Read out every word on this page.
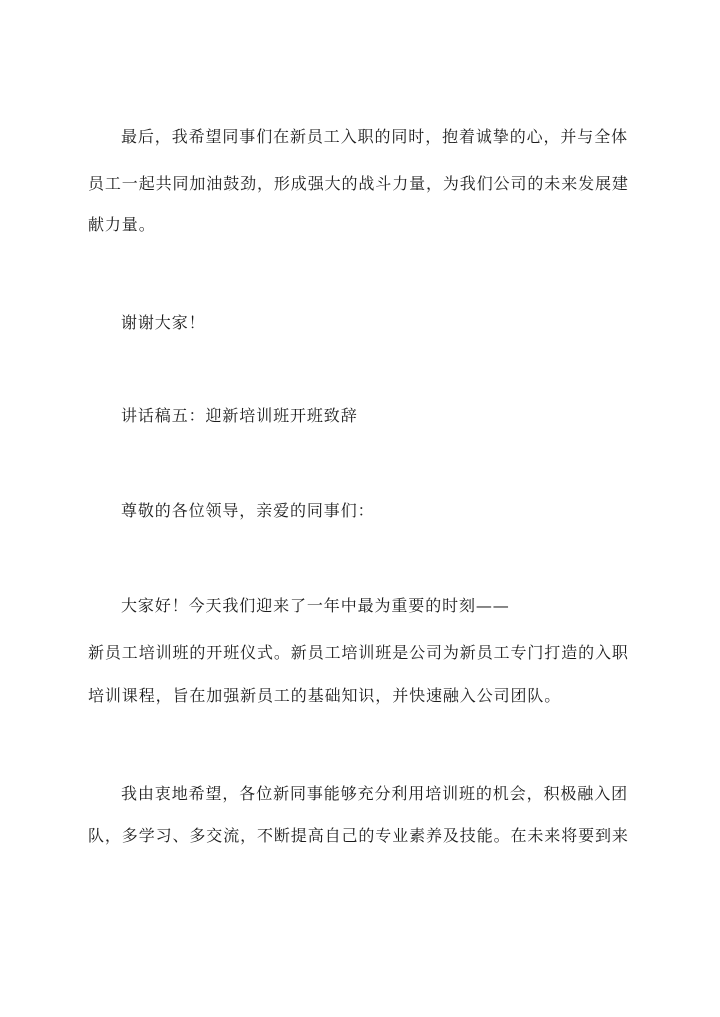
最后，我希望同事们在新员工入职的同时，抱着诚挚的心，并与全体
员工一起共同加油鼓劲，形成强大的战斗力量，为我们公司的未来发展建
献力量。
谢谢大家！
讲话稿五：迎新培训班开班致辞
尊敬的各位领导，亲爱的同事们：
大家好！今天我们迎来了一年中最为重要的时刻——
新员工培训班的开班仪式。新员工培训班是公司为新员工专门打造的入职
培训课程，旨在加强新员工的基础知识，并快速融入公司团队。
我由衷地希望，各位新同事能够充分利用培训班的机会，积极融入团
队，多学习、多交流，不断提高自己的专业素养及技能。在未来将要到来
